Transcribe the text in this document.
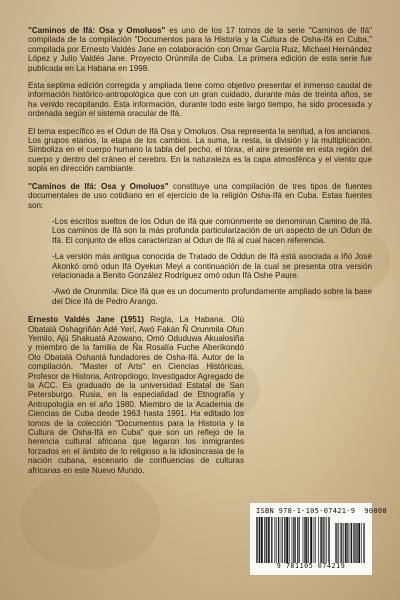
"Caminos de Ifá: Osa y Omoluos" es uno de los 17 tomos de la serie "Caminos de Ifá" compilada de la compilación "Documentos para la Historia y la Cultura de Osha-Ifá en Cuba," compilada por Ernesto Valdés Jane en colaboración con Omar García Ruiz, Michael Hernández López y Julio Valdés Jane. Proyecto Orúnmila de Cuba. La primera edición de esta serie fue publicada en La Habana en 1998.

Esta septima edición corregida y ampliada tiene como objetivo presentar el inmenso caudal de información histórico-antropológica que con un gran cuidado, durante más de treinta años, se ha venido recopilando. Esta información, durante todo este largo tiempo, ha sido procesada y ordenada según el sistema oracular de Ifá.

El tema específico es el Odun de Ifá Osa y Omoluos. Osa representa la senitud, a los ancianos. Los grupos etarios, la etapa de los cambios. La suma, la resta, la división y la multiplicación. Simboliza en el cuerpo humano la tabla del pecho, el tórax, el aire presente en esta región del cuerpo y dentro del cráneo el cerebro. En la naturaleza es la capa atmosférica y el viento que sopla en dirección cambiante.

"Caminos de Ifá: Osa y Omoluos" constituye una compilación de tres tipos de fuentes documentales de uso cotidiano en el ejercicio de la religión Osha-Ifá en Cuba. Estas fuentes son:

-Los escritos sueltos de los Odun de Ifá que comúnmente se denominan Camino de Ifá. Los caminos de Ifá son la más profunda particularización de un aspecto de un Odun de Ifá. El conjunto de ellos caracterizan al Odun de Ifá al cual hacen referencia.

-La versión más antigua conocida de Tratado de Oddun de Ifá está asociada a Iñó José Akonkó omó odun Ifá Oyekun Meyi a continuación de la cual se presenta otra versión relacionada a Benito González Rodríguez omó odun Ifá Oshe Paure.

-Awó de Orunmila: Dice Ifá que es un documento profundamente ampliado sobre la base del Dice Ifá de Pedro Arango.

Ernesto Valdés Jane (1951) Regla, La Habana. Olú Obatalá Oshagriñán Adé Yerí, Awó Fakán Ñ Orunmila Ofun Yemilo, Ajú Shakuatá Azowano, Omó Oduduwa Akualosiña y miembro de la familia de Ña Rosalía Fuche Aberíkondó Olo Obatalá Oshanlá fundadores de Osha-Ifá. Autor de la compilación. "Master of Arts" en Ciencias Históricas, Profesor de Historia, Antropólogo, Investigador Agregado de la ACC. Es graduado de la universidad Estatal de San Petersburgo. Rusia, en la especialidad de Etnografía y Antropología en el año 1980. Miembro de la Academia de Ciencias de Cuba desde 1963 hasta 1991. Ha editado los tomos de la colección "Documentos para la Historia y la Cultura de Osha-Ifá en Cuba" que son un reflejo de la herencia cultural africana que legaron los inmigrantes forzados en el ámbito de lo religioso a la idiosincrasia de la nación cubana, escenario de confluencias de culturas africanas en este Nuevo Mundo.

ISBN 978-1-105-07421-9 90000
9 781105 074219
